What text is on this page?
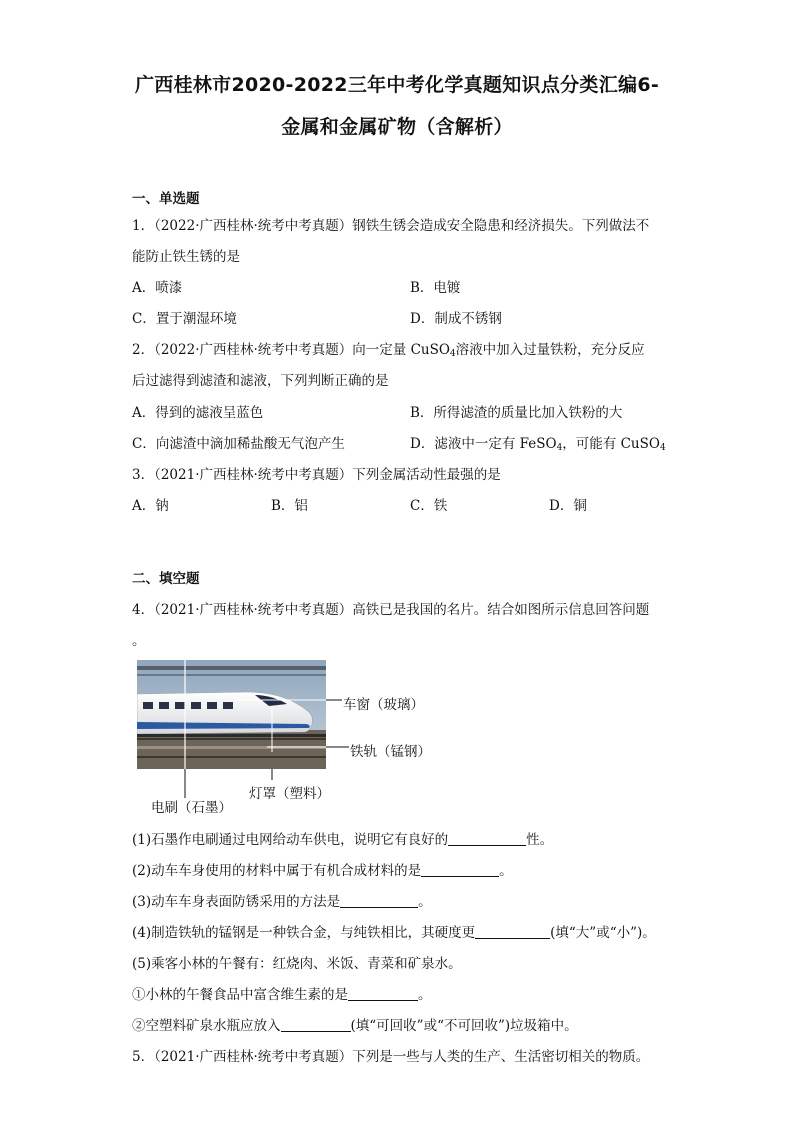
广西桂林市2020-2022三年中考化学真题知识点分类汇编6-
金属和金属矿物（含解析）
一、单选题
1．（2022·广西桂林·统考中考真题）钢铁生锈会造成安全隐患和经济损失。下列做法不
能防止铁生锈的是
A．喷漆	B．电镀
C．置于潮湿环境	D．制成不锈钢
2．（2022·广西桂林·统考中考真题）向一定量 CuSO$_4$溶液中加入过量铁粉，充分反应
后过滤得到滤渣和滤液，下列判断正确的是
A．得到的滤液呈蓝色	B．所得滤渣的质量比加入铁粉的大
C．向滤渣中滴加稀盐酸无气泡产生	D．滤液中一定有 FeSO$_4$，可能有 CuSO$_4$
3．（2021·广西桂林·统考中考真题）下列金属活动性最强的是
A．钠	B．铝	C．铁	D．铜
二、填空题
4．（2021·广西桂林·统考中考真题）高铁已是我国的名片。结合如图所示信息回答问题
。
车窗（玻璃）
铁轨（锰钢）
灯罩（塑料）
电刷（石墨）
(1)石墨作电刷通过电网给动车供电，说明它有良好的	性。
(2)动车车身使用的材料中属于有机合成材料的是	。
(3)动车车身表面防锈采用的方法是	。
(4)制造铁轨的锰钢是一种铁合金，与纯铁相比，其硬度更	(填“大”或“小”)。
(5)乘客小林的午餐有：红烧肉、米饭、青菜和矿泉水。
①小林的午餐食品中富含维生素的是	。
②空塑料矿泉水瓶应放入	(填“可回收”或“不可回收”)垃圾箱中。
5．（2021·广西桂林·统考中考真题）下列是一些与人类的生产、生活密切相关的物质。
